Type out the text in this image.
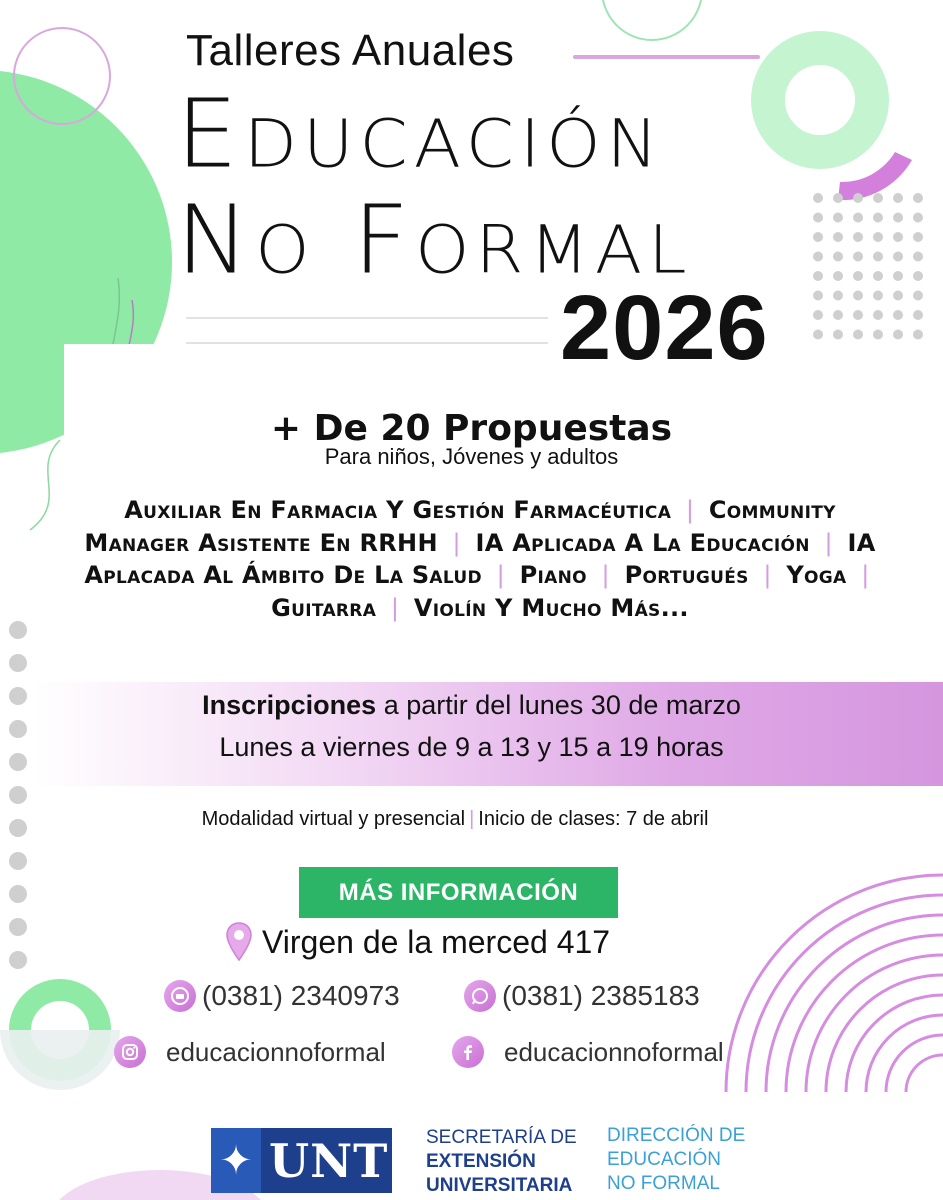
Talleres Anuales
Educación
No Formal
2026
+ De 20 Propuestas
Para niños, Jóvenes y adultos
Auxiliar En Farmacia Y Gestión Farmacéutica | Community Manager Asistente En RRHH | IA Aplicada A La Educación | IA Aplacada Al Ámbito De La Salud | Piano | Portugués | Yoga | Guitarra | Violín Y Mucho Más...
Inscripciones a partir del lunes 30 de marzo
Lunes a viernes de 9 a 13 y 15 a 19 horas
Modalidad virtual y presencial | Inicio de clases: 7 de abril
MÁS INFORMACIÓN
Virgen de la merced 417
(0381) 2340973	(0381) 2385183
educacionnoformal	educacionnoformal
✦ UNT SECRETARÍA DE
EXTENSIÓN
UNIVERSITARIA
DIRECCIÓN DE
EDUCACIÓN
NO FORMAL
